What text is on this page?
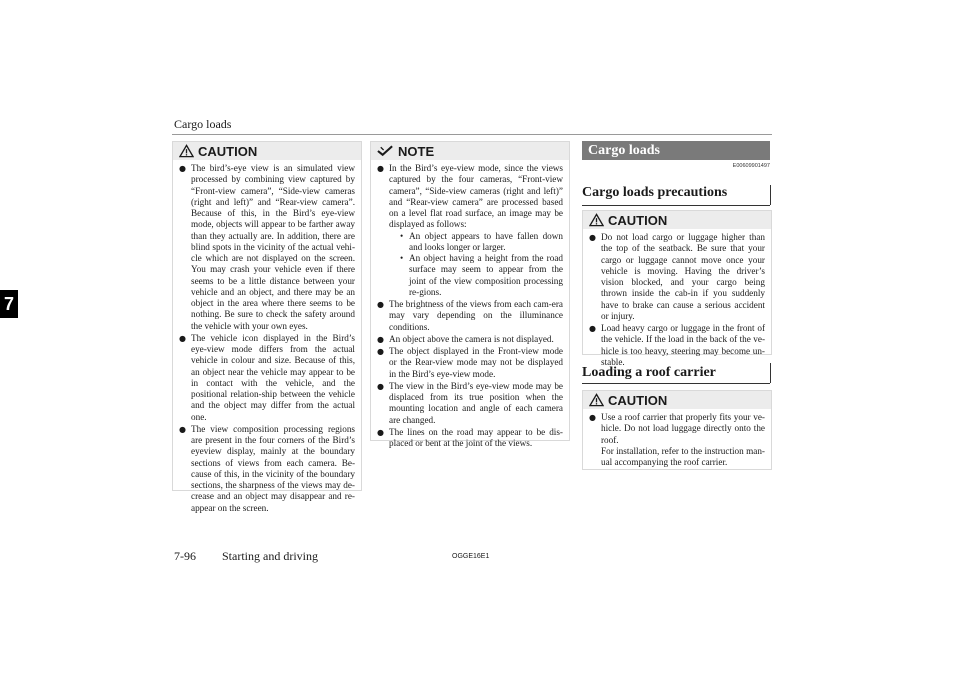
Cargo loads
7
CAUTION
● The bird’s-eye view is an simulated view processed by combining view captured by “Front-view camera”, “Side-view cameras (right and left)” and “Rear-view camera”. Because of this, in the Bird’s eye-view mode, objects will appear to be farther away than they actually are. In addition, there are blind spots in the vicinity of the actual vehi-cle which are not displayed on the screen. You may crash your vehicle even if there seems to be a little distance between your vehicle and an object, and there may be an object in the area where there seems to be nothing. Be sure to check the safety around the vehicle with your own eyes.
● The vehicle icon displayed in the Bird’s eye-view mode differs from the actual vehicle in colour and size. Because of this, an object near the vehicle may appear to be in contact with the vehicle, and the positional relation-ship between the vehicle and the object may differ from the actual one.
● The view composition processing regions are present in the four corners of the Bird’s eyeview display, mainly at the boundary sections of views from each camera. Be-cause of this, in the vicinity of the boundary sections, the sharpness of the views may de-crease and an object may disappear and re-appear on the screen.
NOTE
● In the Bird’s eye-view mode, since the views captured by the four cameras, “Front-view camera”, “Side-view cameras (right and left)” and “Rear-view camera” are processed based on a level flat road surface, an image may be displayed as follows:
• An object appears to have fallen down and looks longer or larger.
• An object having a height from the road surface may seem to appear from the joint of the view composition processing re-gions.
● The brightness of the views from each cam-era may vary depending on the illuminance conditions.
● An object above the camera is not displayed.
● The object displayed in the Front-view mode or the Rear-view mode may not be displayed in the Bird’s eye-view mode.
● The view in the Bird’s eye-view mode may be displaced from its true position when the mounting location and angle of each camera are changed.
● The lines on the road may appear to be dis-placed or bent at the joint of the views.
Cargo loads
E00609901497
Cargo loads precautions
CAUTION
● Do not load cargo or luggage higher than the top of the seatback. Be sure that your cargo or luggage cannot move once your vehicle is moving. Having the driver’s vision blocked, and your cargo being thrown inside the cab-in if you suddenly have to brake can cause a serious accident or injury.
● Load heavy cargo or luggage in the front of the vehicle. If the load in the back of the ve-hicle is too heavy, steering may become un-stable.
Loading a roof carrier
CAUTION
● Use a roof carrier that properly fits your ve-hicle. Do not load luggage directly onto the roof.
For installation, refer to the instruction man-ual accompanying the roof carrier.
7-96 Starting and driving	OGGE16E1
